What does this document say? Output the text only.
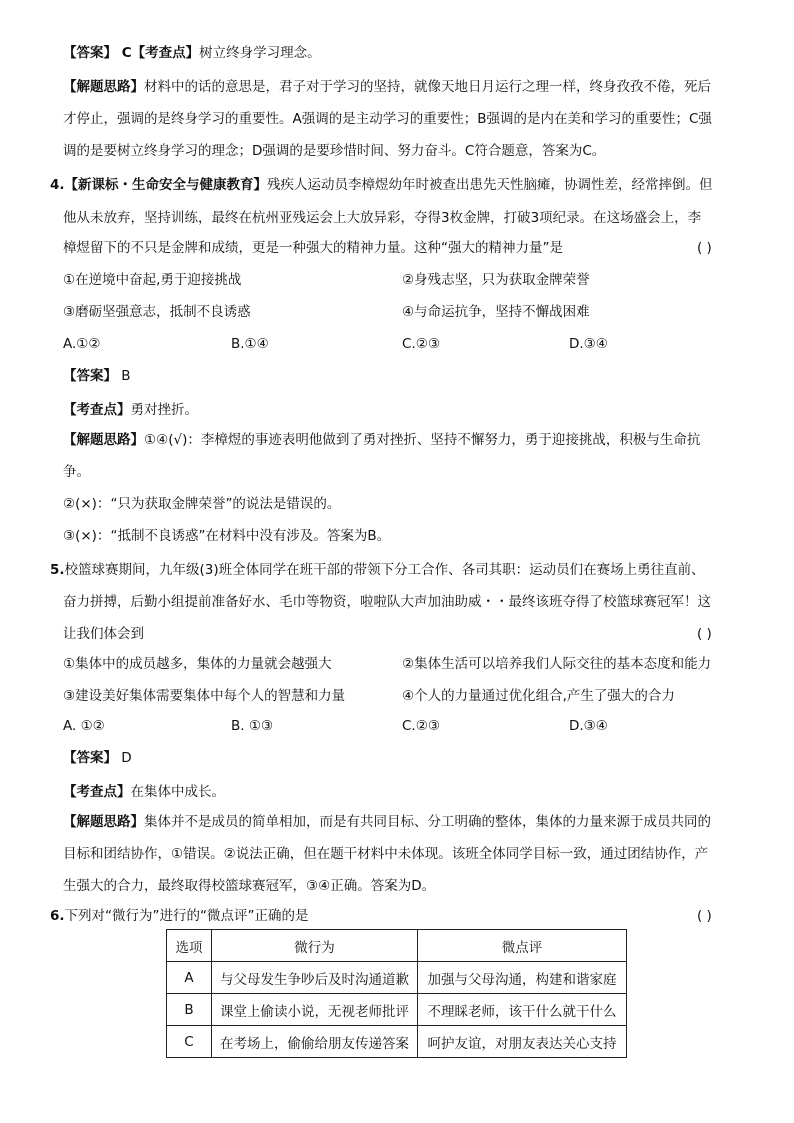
【答案】 C【考查点】树立终身学习理念。
【解题思路】材料中的话的意思是，君子对于学习的坚持，就像天地日月运行之理一样，终身孜孜不倦，死后
才停止，强调的是终身学习的重要性。A强调的是主动学习的重要性；B强调的是内在美和学习的重要性；C强
调的是要树立终身学习的理念；D强调的是要珍惜时间、努力奋斗。C符合题意，答案为C。
4.【新课标・生命安全与健康教育】残疾人运动员李樟煜幼年时被查出患先天性脑瘫，协调性差，经常摔倒。但
他从未放弃，坚持训练，最终在杭州亚残运会上大放异彩，夺得3枚金牌，打破3项纪录。在这场盛会上，李
樟煜留下的不只是金牌和成绩，更是一种强大的精神力量。这种“强大的精神力量”是	( )
①在逆境中奋起,勇于迎接挑战	②身残志坚，只为获取金牌荣誉
③磨砺坚强意志，抵制不良诱惑	④与命运抗争，坚持不懈战困难
A.①②	B.①④	C.②③	D.③④
【答案】 B
【考查点】勇对挫折。
【解题思路】①④(√)：李樟煜的事迹表明他做到了勇对挫折、坚持不懈努力，勇于迎接挑战，积极与生命抗
争。
②(×)：“只为获取金牌荣誉”的说法是错误的。
③(×)：“抵制不良诱惑”在材料中没有涉及。答案为B。
5.校篮球赛期间，九年级(3)班全体同学在班干部的带领下分工合作、各司其职：运动员们在赛场上勇往直前、
奋力拼搏，后勤小组提前准备好水、毛巾等物资，啦啦队大声加油助威・・最终该班夺得了校篮球赛冠军！这
让我们体会到	( )
①集体中的成员越多，集体的力量就会越强大	②集体生活可以培养我们人际交往的基本态度和能力
③建设美好集体需要集体中每个人的智慧和力量	④个人的力量通过优化组合,产生了强大的合力
A. ①②	B. ①③	C.②③	D.③④
【答案】 D
【考查点】在集体中成长。
【解题思路】集体并不是成员的简单相加，而是有共同目标、分工明确的整体，集体的力量来源于成员共同的
目标和团结协作，①错误。②说法正确，但在题干材料中未体现。该班全体同学目标一致，通过团结协作，产
生强大的合力，最终取得校篮球赛冠军，③④正确。答案为D。
6.下列对“微行为”进行的“微点评”正确的是	( )
选项	微行为	微点评
A	与父母发生争吵后及时沟通道歉	加强与父母沟通，构建和谐家庭
B	课堂上偷读小说，无视老师批评	不理睬老师，该干什么就干什么
C	在考场上，偷偷给朋友传递答案	呵护友谊，对朋友表达关心支持
